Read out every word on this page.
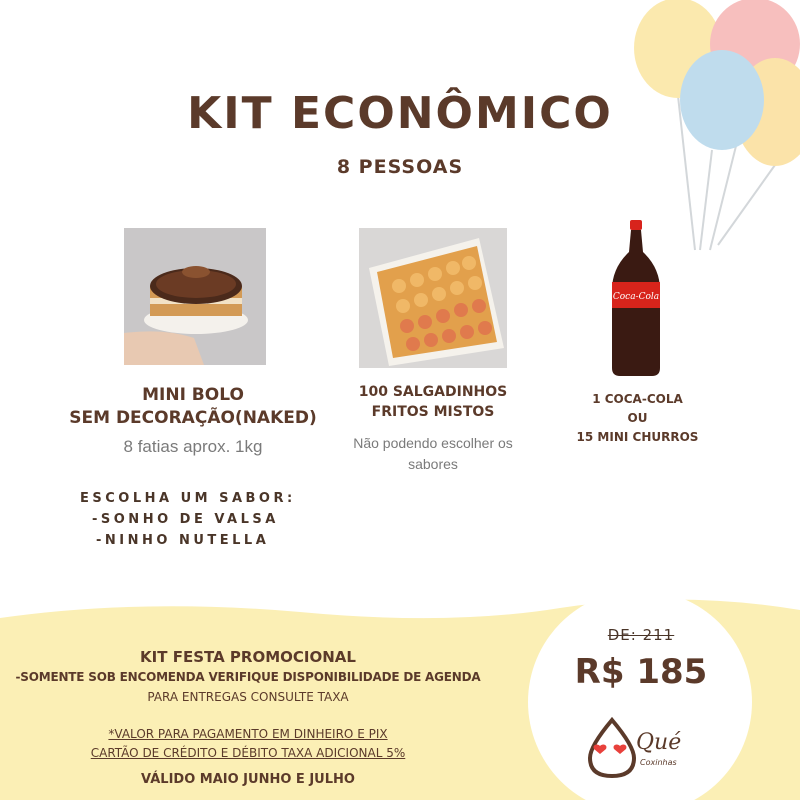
KIT ECONÔMICO
8 PESSOAS
Coca-Cola
MINI BOLO
SEM DECORAÇÃO(NAKED)
8 fatias aprox. 1kg
100 SALGADINHOS
FRITOS MISTOS
Não podendo escolher os
sabores
1 COCA-COLA
OU
15 MINI CHURROS
ESCOLHA UM SABOR:
-SONHO DE VALSA
-NINHO NUTELLA
KIT FESTA PROMOCIONAL
-SOMENTE SOB ENCOMENDA VERIFIQUE DISPONIBILIDADE DE AGENDA
PARA ENTREGAS CONSULTE TAXA
*VALOR PARA PAGAMENTO EM DINHEIRO E PIX
CARTÃO DE CRÉDITO E DÉBITO TAXA ADICIONAL 5%
VÁLIDO MAIO JUNHO E JULHO
DE: 211
R$ 185
Qué
Coxinhas
